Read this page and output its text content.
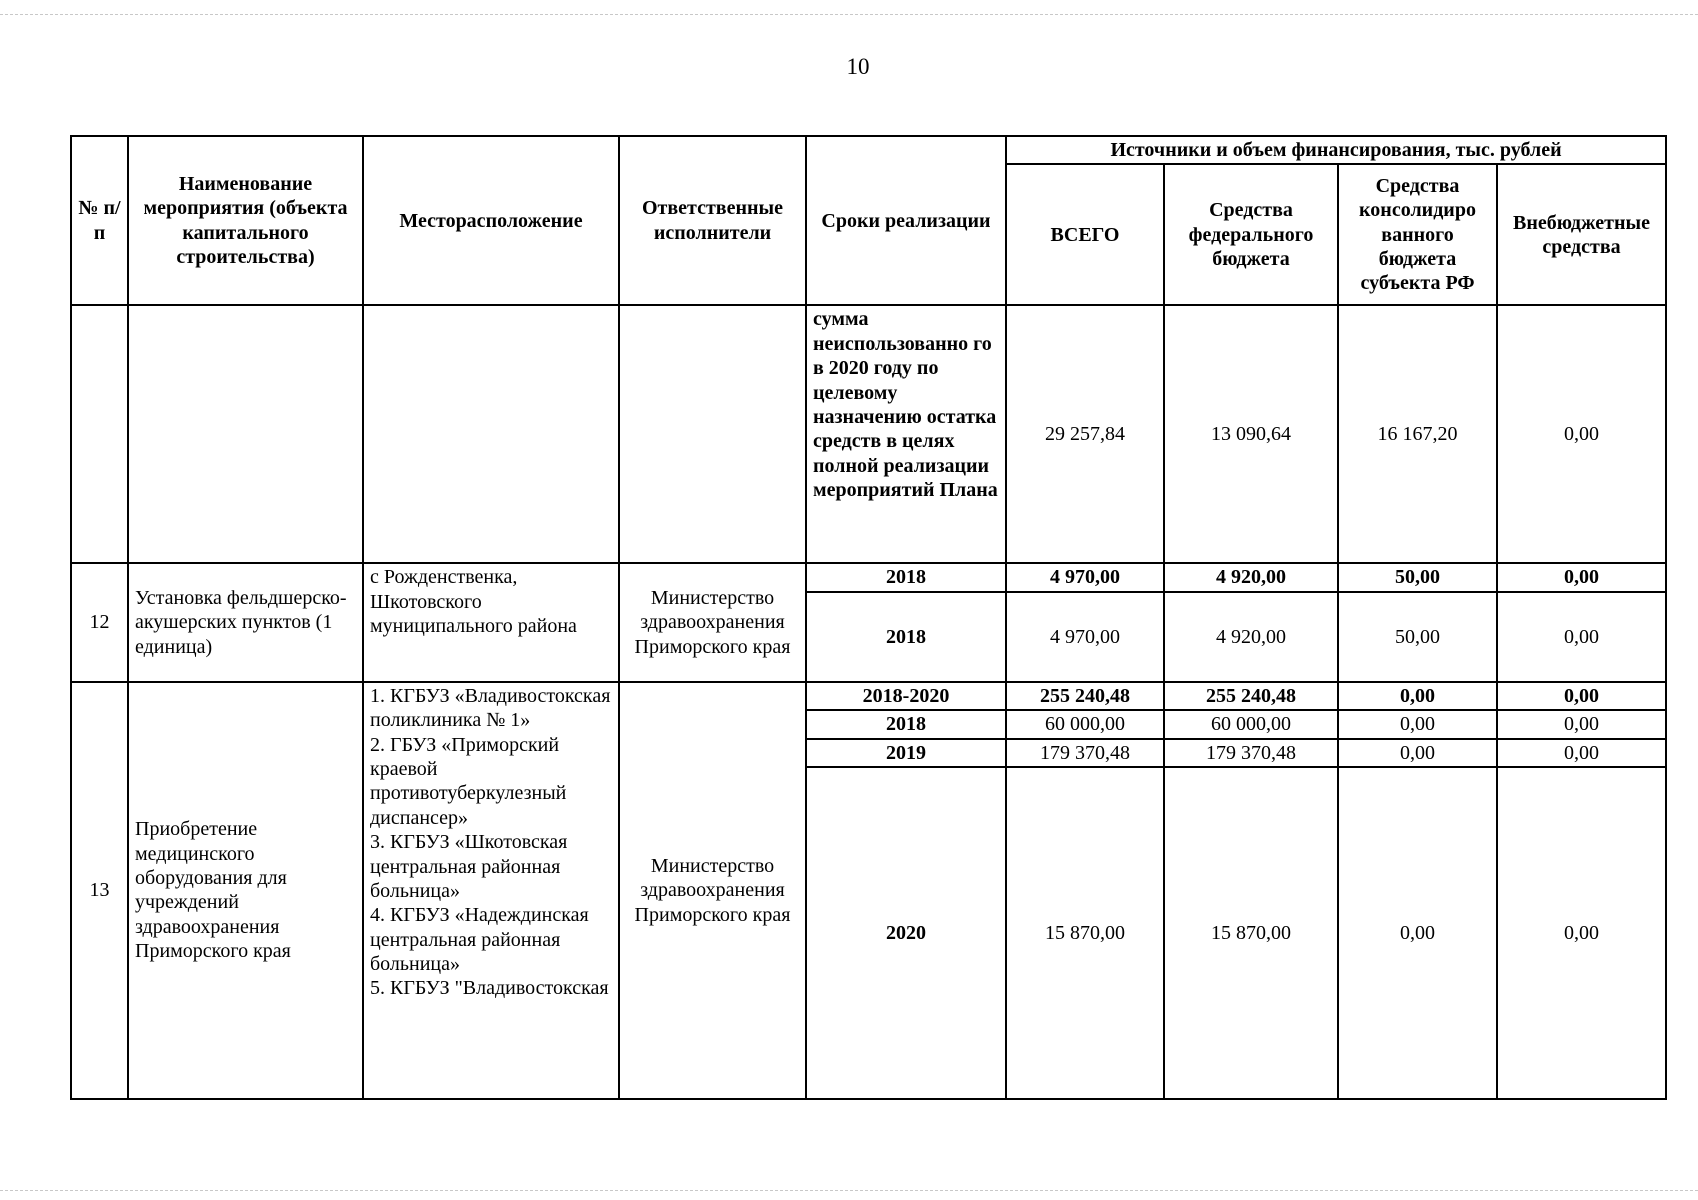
10
№ п/п	Наименование мероприятия (объекта капитального строительства)	Месторасположение	Ответственные исполнители	Сроки реализации	Источники и объем финансирования, тыс. рублей			
					ВСЕГО	Средства федерального бюджета	Средства консолидиро ванного бюджета субъекта РФ	Внебюджетные средства
				сумма неиспользованно го в 2020 году по целевому назначению остатка средств в целях полной реализации мероприятий Плана	29 257,84	13 090,64	16 167,20	0,00
12	Установка фельдшерско-акушерских пунктов (1 единица)	с Рожденственка, Шкотовского муниципального района	Министерство здравоохранения Приморского края	2018	4 970,00	4 920,00	50,00	0,00
				2018	4 970,00	4 920,00	50,00	0,00
13	Приобретение медицинского оборудования для учреждений здравоохранения Приморского края	1. КГБУЗ «Владивостокская поликлиника № 1»
2. ГБУЗ «Приморский краевой противотуберкулезный диспансер»
3. КГБУЗ «Шкотовская центральная районная больница»
4. КГБУЗ «Надеждинская центральная районная больница»
5. КГБУЗ "Владивостокская	Министерство здравоохранения Приморского края	2018-2020	255 240,48	255 240,48	0,00	0,00
				2018	60 000,00	60 000,00	0,00	0,00
				2019	179 370,48	179 370,48	0,00	0,00
				2020	15 870,00	15 870,00	0,00	0,00
